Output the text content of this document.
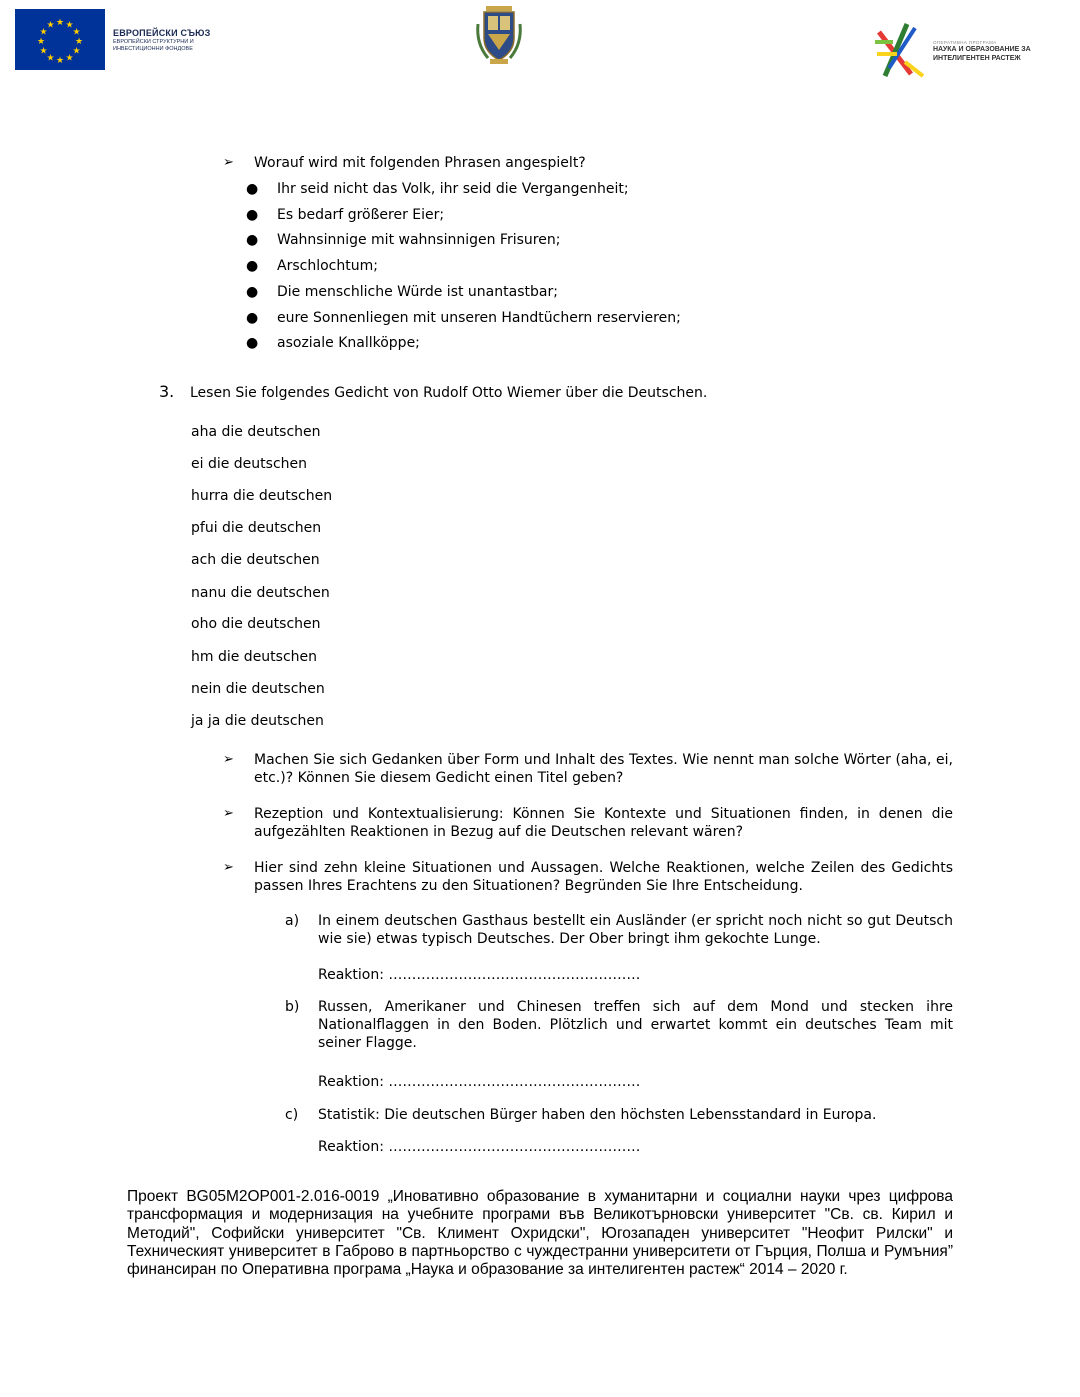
★ ★
★
★
★
★
★
★
★
★
★
★
ЕВРОПЕЙСКИ СЪЮЗ
ЕВРОПЕЙСКИ СТРУКТУРНИ И
ИНВЕСТИЦИОННИ ФОНДОВЕ
ОПЕРАТИВНА ПРОГРАМА
НАУКА И ОБРАЗОВАНИЕ ЗА
ИНТЕЛИГЕНТЕН РАСТЕЖ
➢	Worauf wird mit folgenden Phrasen angespielt?
●	Ihr seid nicht das Volk, ihr seid die Vergangenheit;
●	Es bedarf größerer Eier;
●	Wahnsinnige mit wahnsinnigen Frisuren;
●	Arschlochtum;
●	Die menschliche Würde ist unantastbar;
●	eure Sonnenliegen mit unseren Handtüchern reservieren;
●	asoziale Knallköppe;
3.	Lesen Sie folgendes Gedicht von Rudolf Otto Wiemer über die Deutschen.
aha die deutschen
ei die deutschen
hurra die deutschen
pfui die deutschen
ach die deutschen
nanu die deutschen
oho die deutschen
hm die deutschen
nein die deutschen
ja ja die deutschen
➢	Machen Sie sich Gedanken über Form und Inhalt des Textes. Wie nennt man solche Wörter (aha, ei, etc.)? Können Sie diesem Gedicht einen Titel geben?
➢	Rezeption und Kontextualisierung: Können Sie Kontexte und Situationen finden, in denen die aufgezählten Reaktionen in Bezug auf die Deutschen relevant wären?
➢	Hier sind zehn kleine Situationen und Aussagen. Welche Reaktionen, welche Zeilen des Gedichts passen Ihres Erachtens zu den Situationen? Begründen Sie Ihre Entscheidung.
a)	In einem deutschen Gasthaus bestellt ein Ausländer (er spricht noch nicht so gut Deutsch wie sie) etwas typisch Deutsches. Der Ober bringt ihm gekochte Lunge.
Reaktion: ………………………………………………
b)	Russen, Amerikaner und Chinesen treffen sich auf dem Mond und stecken ihre Nationalflaggen in den Boden. Plötzlich und erwartet kommt ein deutsches Team mit seiner Flagge.
Reaktion: ………………………………………………
c)	Statistik: Die deutschen Bürger haben den höchsten Lebensstandard in Europa.
Reaktion: ………………………………………………
Проект BG05M2OP001-2.016-0019 „Иновативно образование в хуманитарни и социални науки чрез цифрова трансформация и модернизация на учебните програми във Великотърновски университет "Св. св. Кирил и Методий", Софийски университет "Св. Климент Охридски", Югозападен университет "Неофит Рилски" и Техническият университет в Габрово в партньорство с чуждестранни университети от Гърция, Полша и Румъния” финансиран по Оперативна програма „Наука и образование за интелигентен растеж“ 2014 – 2020 г.
